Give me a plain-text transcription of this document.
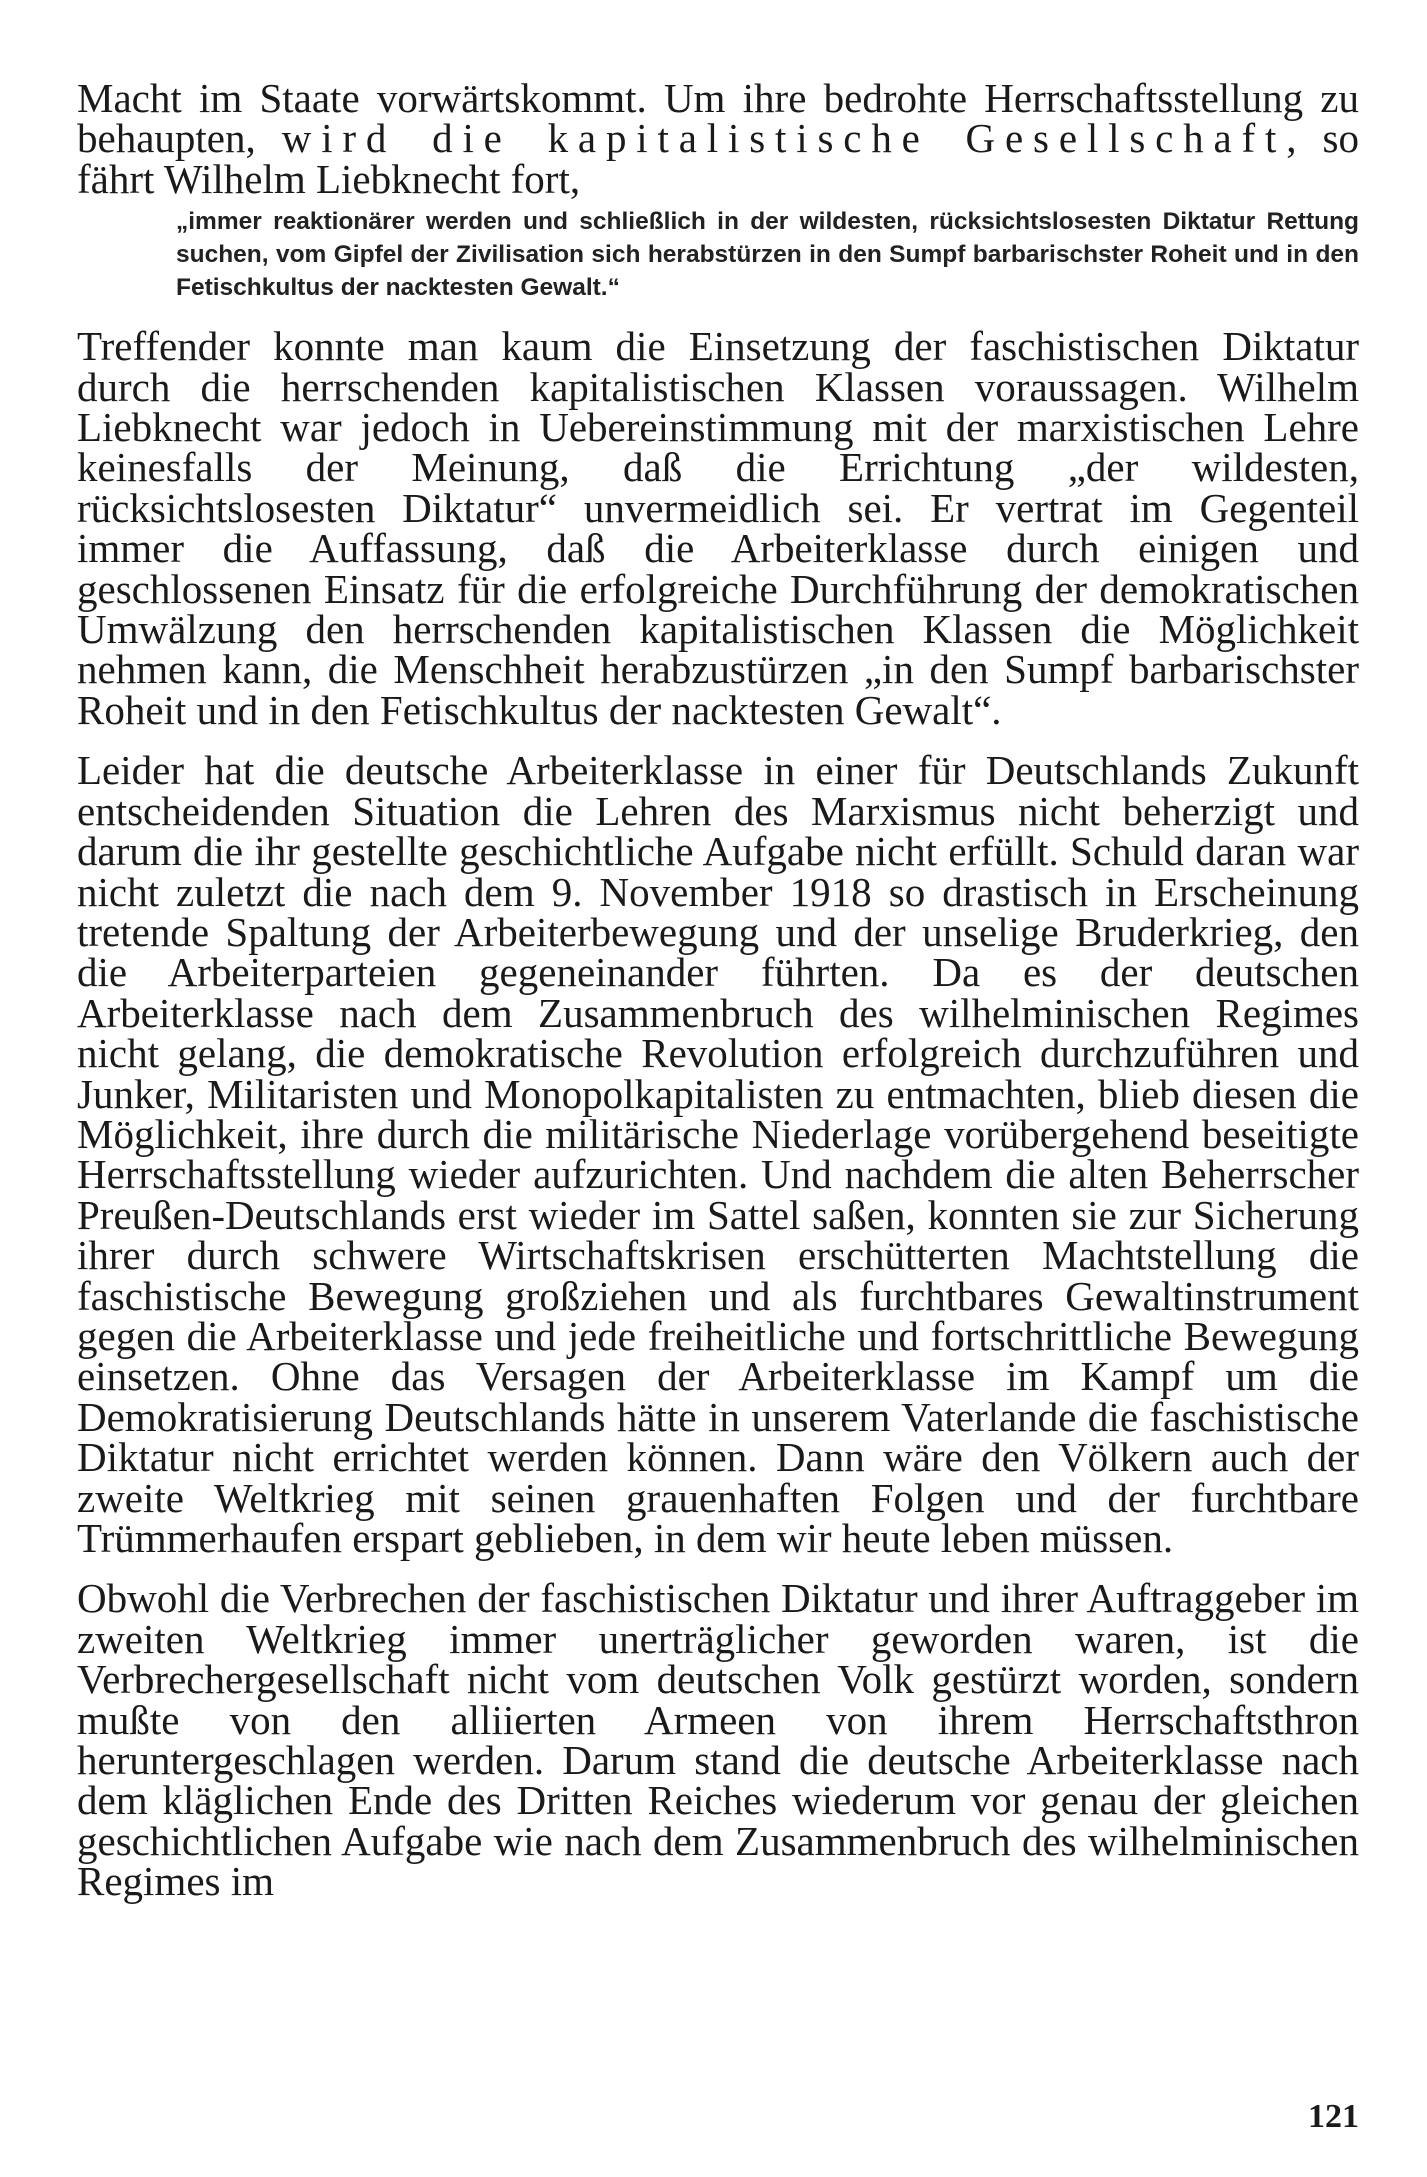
Macht im Staate vorwärtskommt. Um ihre bedrohte Herrschaftsstellung zu behaupten, wird die kapitalistische Gesellschaft, so fährt Wilhelm Liebknecht fort,

„immer reaktionärer werden und schließlich in der wildesten, rücksichtslosesten Diktatur Rettung suchen, vom Gipfel der Zivilisation sich herabstürzen in den Sumpf barbarischster Roheit und in den Fetischkultus der nacktesten Gewalt.“

Treffender konnte man kaum die Einsetzung der faschistischen Diktatur durch die herrschenden kapitalistischen Klassen voraussagen. Wilhelm Liebknecht war jedoch in Uebereinstimmung mit der marxistischen Lehre keinesfalls der Meinung, daß die Errichtung „der wildesten, rücksichtslosesten Diktatur“ unvermeidlich sei. Er vertrat im Gegenteil immer die Auffassung, daß die Arbeiterklasse durch einigen und geschlossenen Einsatz für die erfolgreiche Durchführung der demokratischen Umwälzung den herrschenden kapitalistischen Klassen die Möglichkeit nehmen kann, die Menschheit herabzustürzen „in den Sumpf barbarischster Roheit und in den Fetischkultus der nacktesten Gewalt“.

Leider hat die deutsche Arbeiterklasse in einer für Deutschlands Zukunft entscheidenden Situation die Lehren des Marxismus nicht beherzigt und darum die ihr gestellte geschichtliche Aufgabe nicht erfüllt. Schuld daran war nicht zuletzt die nach dem 9. November 1918 so drastisch in Erscheinung tretende Spaltung der Arbeiterbewegung und der unselige Bruderkrieg, den die Arbeiterparteien gegeneinander führten. Da es der deutschen Arbeiterklasse nach dem Zusammenbruch des wilhelminischen Regimes nicht gelang, die demokratische Revolution erfolgreich durchzuführen und Junker, Militaristen und Monopolkapitalisten zu entmachten, blieb diesen die Möglichkeit, ihre durch die militärische Niederlage vorübergehend beseitigte Herrschaftsstellung wieder aufzurichten. Und nachdem die alten Beherrscher Preußen-Deutschlands erst wieder im Sattel saßen, konnten sie zur Sicherung ihrer durch schwere Wirtschaftskrisen erschütterten Machtstellung die faschistische Bewegung großziehen und als furchtbares Gewaltinstrument gegen die Arbeiterklasse und jede freiheitliche und fortschrittliche Bewegung einsetzen. Ohne das Versagen der Arbeiterklasse im Kampf um die Demokratisierung Deutschlands hätte in unserem Vaterlande die faschistische Diktatur nicht errichtet werden können. Dann wäre den Völkern auch der zweite Weltkrieg mit seinen grauenhaften Folgen und der furchtbare Trümmerhaufen erspart geblieben, in dem wir heute leben müssen.

Obwohl die Verbrechen der faschistischen Diktatur und ihrer Auftraggeber im zweiten Weltkrieg immer unerträglicher geworden waren, ist die Verbrechergesellschaft nicht vom deutschen Volk gestürzt worden, sondern mußte von den alliierten Armeen von ihrem Herrschaftsthron heruntergeschlagen werden. Darum stand die deutsche Arbeiterklasse nach dem kläglichen Ende des Dritten Reiches wiederum vor genau der gleichen geschichtlichen Aufgabe wie nach dem Zusammenbruch des wilhelminischen Regimes im

121
